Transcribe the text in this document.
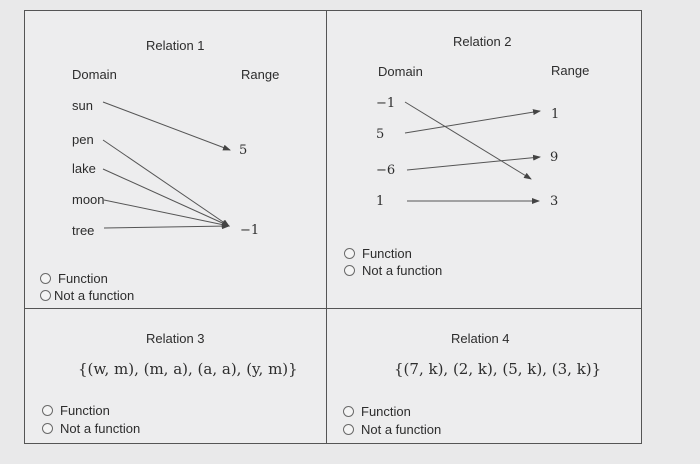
Relation 1
Domain	Range
sun
pen
lake
moon
tree
5
−1
Function
Not a function
Relation 2
Domain	Range
−1
5
−6
1
1
9
3
Function
Not a function
Relation 3
{(w, m), (m, a), (a, a), (y, m)}
Function
Not a function
Relation 4
{(7, k), (2, k), (5, k), (3, k)}
Function
Not a function
